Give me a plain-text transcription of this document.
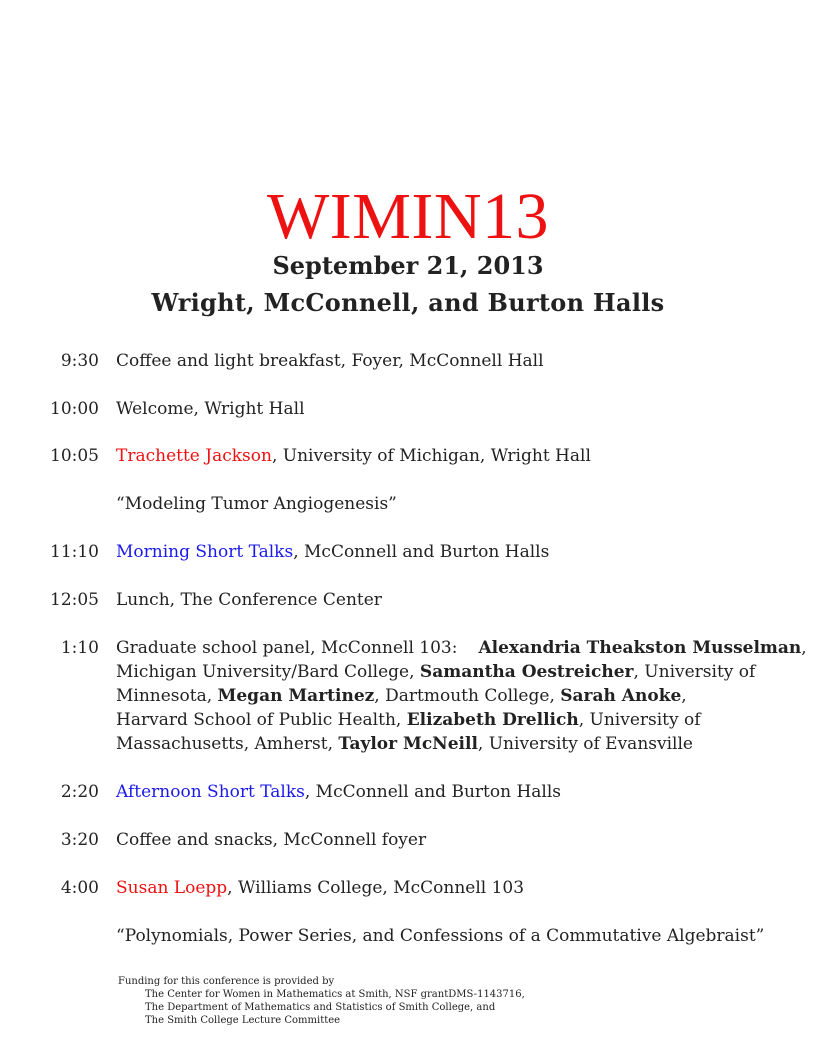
WIMIN13
September 21, 2013
Wright, McConnell, and Burton Halls
9:30 Coffee and light breakfast, Foyer, McConnell Hall
10:00 Welcome, Wright Hall
10:05 Trachette Jackson, University of Michigan, Wright Hall
“Modeling Tumor Angiogenesis”
11:10 Morning Short Talks, McConnell and Burton Halls
12:05 Lunch, The Conference Center
1:10 Graduate school panel, McConnell 103: Alexandria Theakston Musselman,
Michigan University/Bard College, Samantha Oestreicher, University of
Minnesota, Megan Martinez, Dartmouth College, Sarah Anoke,
Harvard School of Public Health, Elizabeth Drellich, University of
Massachusetts, Amherst, Taylor McNeill, University of Evansville
2:20 Afternoon Short Talks, McConnell and Burton Halls
3:20 Coffee and snacks, McConnell foyer
4:00 Susan Loepp, Williams College, McConnell 103
“Polynomials, Power Series, and Confessions of a Commutative Algebraist”
Funding for this conference is provided by
The Center for Women in Mathematics at Smith, NSF grantDMS-1143716,
The Department of Mathematics and Statistics of Smith College, and
The Smith College Lecture Committee
